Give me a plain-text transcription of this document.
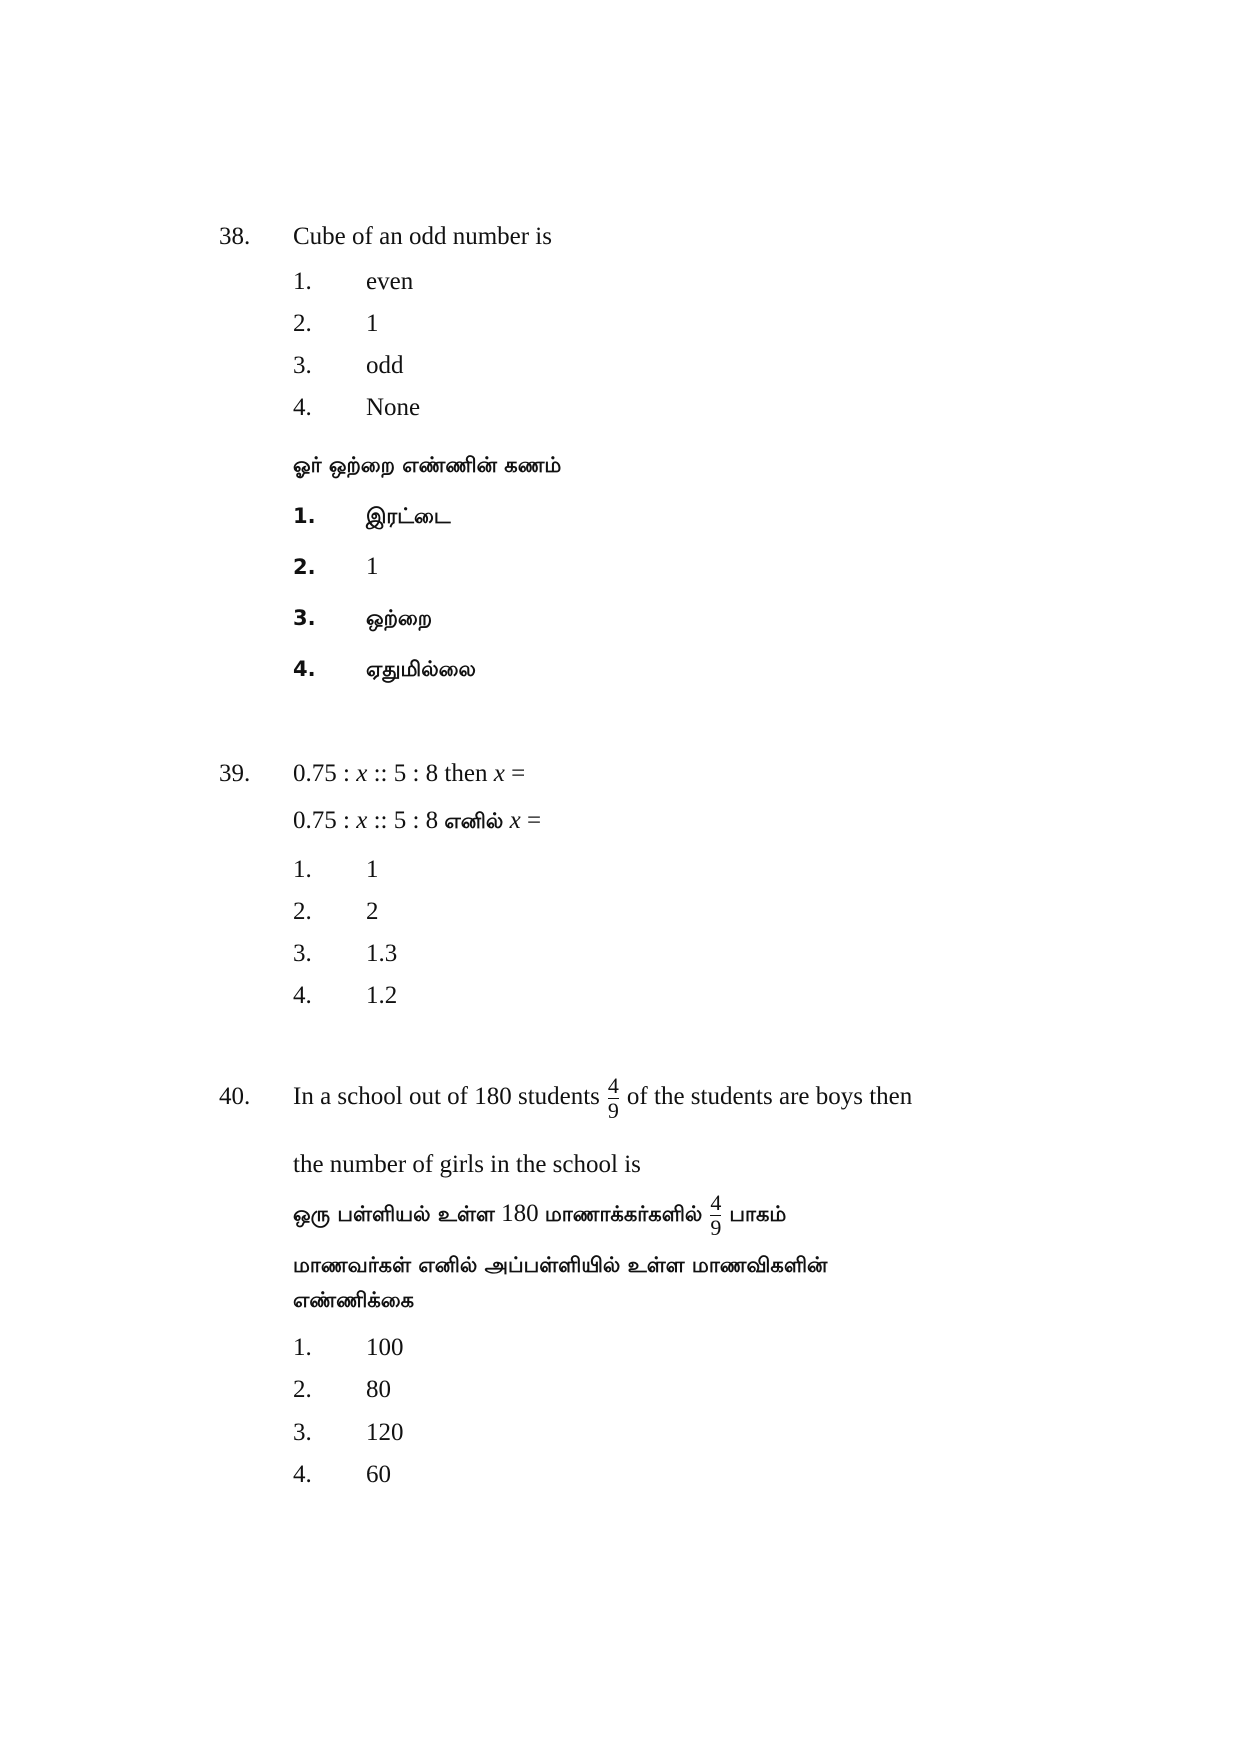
38. Cube of an odd number is
1. even
2. 1
3. odd
4. None
ஓர் ஒற்றை எண்ணின் கணம்
1. இரட்டை
2. 1
3. ஒற்றை
4. ஏதுமில்லை
39. 0.75 : x :: 5 : 8 then x =
0.75 : x :: 5 : 8 எனில் x =
1. 1
2. 2
3. 1.3
4. 1.2
40. In a school out of 180 students $\frac{4}{9}$ of the students are boys then
the number of girls in the school is
ஒரு பள்ளியல் உள்ள 180 மாணாக்கர்களில் $\frac{4}{9}$ பாகம்
மாணவர்கள் எனில் அப்பள்ளியில் உள்ள மாணவிகளின்
எண்ணிக்கை
1. 100
2. 80
3. 120
4. 60
